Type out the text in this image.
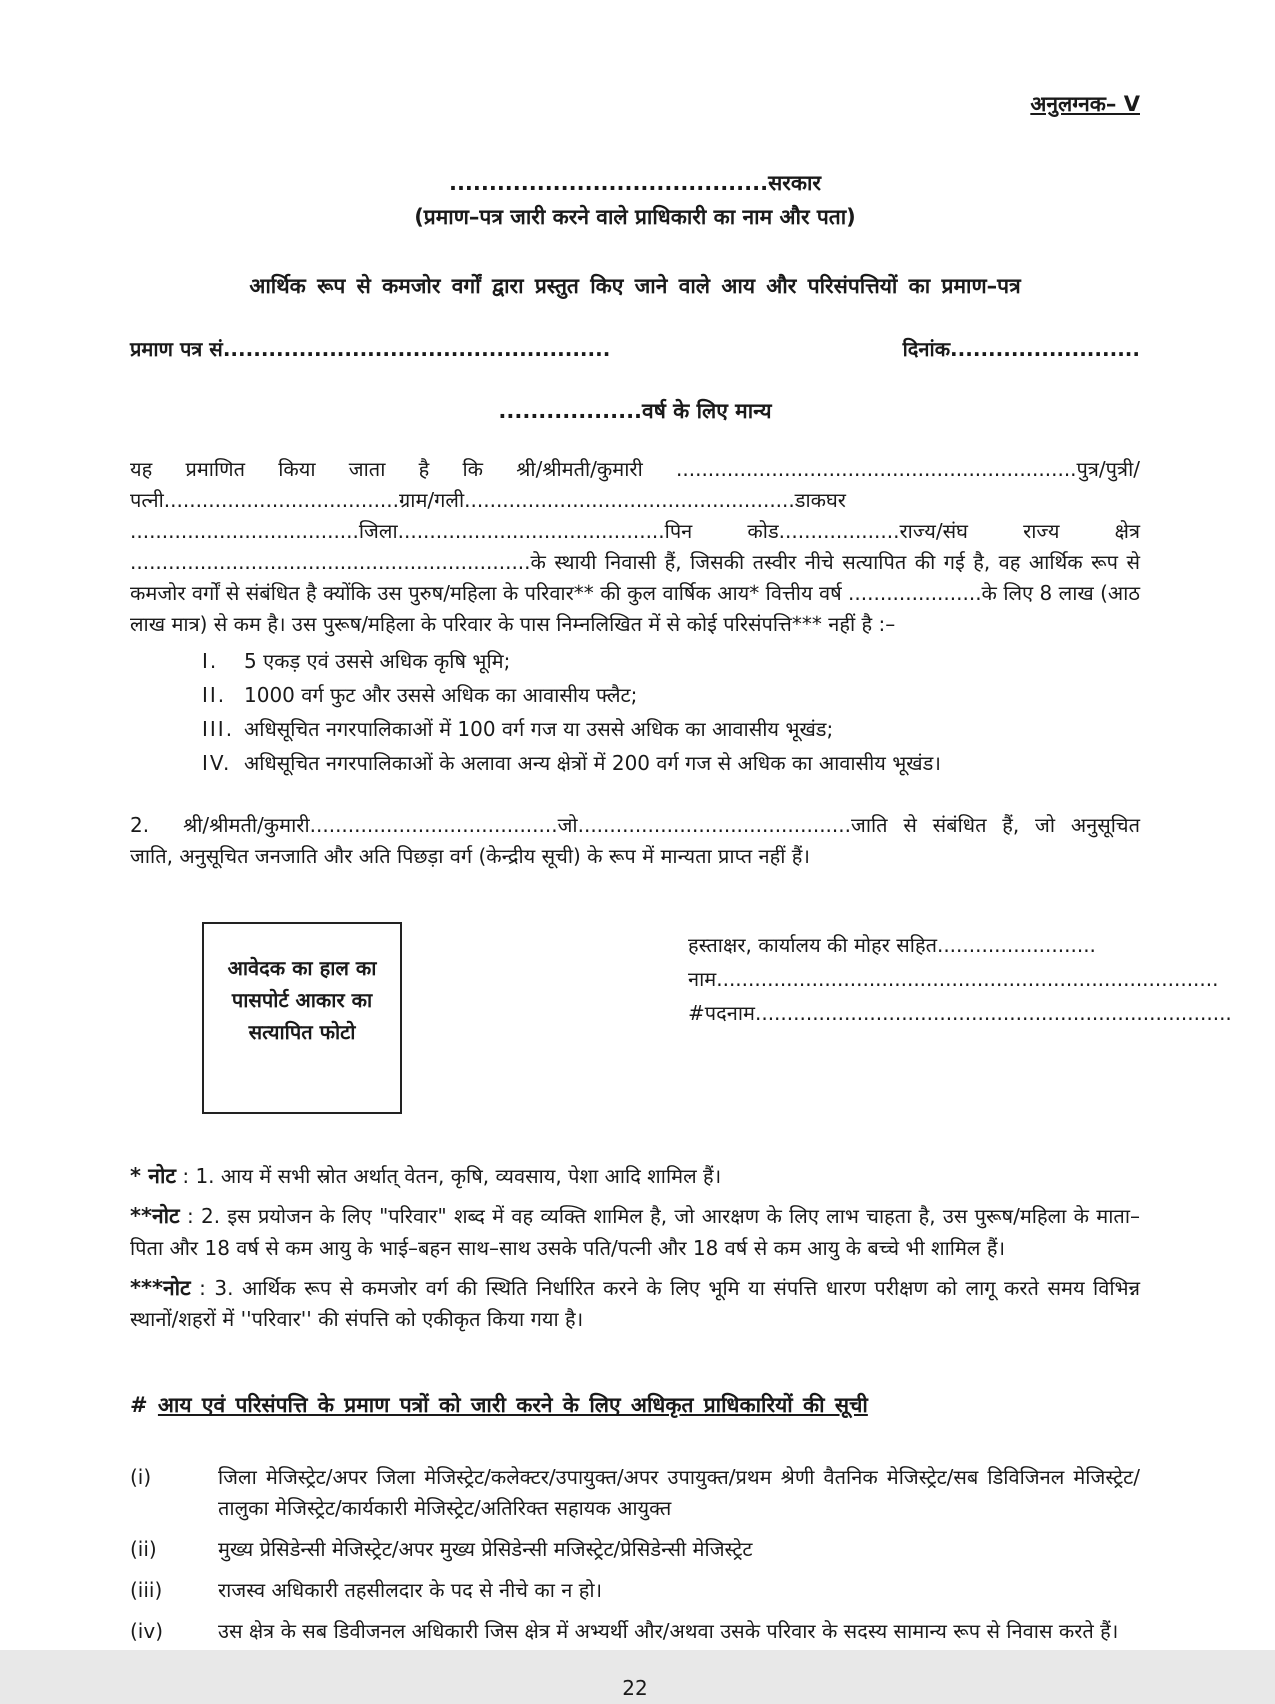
अनुलग्नक– V
........................................सरकार
(प्रमाण–पत्र जारी करने वाले प्राधिकारी का नाम और पता)
आर्थिक रूप से कमजोर वर्गों द्वारा प्रस्तुत किए जाने वाले आय और परिसंपत्तियों का प्रमाण–पत्र
प्रमाण पत्र सं...................................................	दिनांक.........................
..................वर्ष के लिए मान्य

यह प्रमाणित किया जाता है कि श्री/श्रीमती/कुमारी ...............................................................पुत्र/पुत्री/पत्नी.....................................ग्राम/गली....................................................डाकघर ....................................जिला..........................................पिन कोड...................राज्य/संघ राज्य क्षेत्र ...............................................................के स्थायी निवासी हैं, जिसकी तस्वीर नीचे सत्यापित की गई है, वह आर्थिक रूप से कमजोर वर्गों से संबंधित है क्योंकि उस पुरुष/महिला के परिवार** की कुल वार्षिक आय* वित्तीय वर्ष .....................के लिए 8 लाख (आठ लाख मात्र) से कम है। उस पुरूष/महिला के परिवार के पास निम्नलिखित में से कोई परिसंपत्ति*** नहीं है :–

I.	5 एकड़ एवं उससे अधिक कृषि भूमि;
II. 1000 वर्ग फुट और उससे अधिक का आवासीय फ्लैट;
III. अधिसूचित नगरपालिकाओं में 100 वर्ग गज या उससे अधिक का आवासीय भूखंड;
IV. अधिसूचित नगरपालिकाओं के अलावा अन्य क्षेत्रों में 200 वर्ग गज से अधिक का आवासीय भूखंड।

2. श्री/श्रीमती/कुमारी.......................................जो...........................................जाति से संबंधित हैं, जो अनुसूचित जाति, अनुसूचित जनजाति और अति पिछड़ा वर्ग (केन्द्रीय सूची) के रूप में मान्यता प्राप्त नहीं हैं।

आवेदक का हाल का पासपोर्ट आकार का सत्यापित फोटो
हस्ताक्षर, कार्यालय की मोहर सहित.........................
नाम...............................................................................
#पदनाम...........................................................................

* नोट : 1. आय में सभी स्रोत अर्थात् वेतन, कृषि, व्यवसाय, पेशा आदि शामिल हैं।

**नोट : 2. इस प्रयोजन के लिए "परिवार" शब्द में वह व्यक्ति शामिल है, जो आरक्षण के लिए लाभ चाहता है, उस पुरूष/महिला के माता–पिता और 18 वर्ष से कम आयु के भाई–बहन साथ–साथ उसके पति/पत्नी और 18 वर्ष से कम आयु के बच्चे भी शामिल हैं।

***नोट : 3. आर्थिक रूप से कमजोर वर्ग की स्थिति निर्धारित करने के लिए भूमि या संपत्ति धारण परीक्षण को लागू करते समय विभिन्न स्थानों/शहरों में ''परिवार'' की संपत्ति को एकीकृत किया गया है।

# आय एवं परिसंपत्ति के प्रमाण पत्रों को जारी करने के लिए अधिकृत प्राधिकारियों की सूची

(i)	जिला मेजिस्ट्रेट/अपर जिला मेजिस्ट्रेट/कलेक्टर/उपायुक्त/अपर उपायुक्त/प्रथम श्रेणी वैतनिक मेजिस्ट्रेट/सब डिविजिनल मेजिस्ट्रेट/तालुका मेजिस्ट्रेट/कार्यकारी मेजिस्ट्रेट/अतिरिक्त सहायक आयुक्त
(ii)	मुख्य प्रेसिडेन्सी मेजिस्ट्रेट/अपर मुख्य प्रेसिडेन्सी मजिस्ट्रेट/प्रेसिडेन्सी मेजिस्ट्रेट
(iii)	राजस्व अधिकारी तहसीलदार के पद से नीचे का न हो।
(iv)	उस क्षेत्र के सब डिवीजनल अधिकारी जिस क्षेत्र में अभ्यर्थी और/अथवा उसके परिवार के सदस्य सामान्य रूप से निवास करते हैं।
22
